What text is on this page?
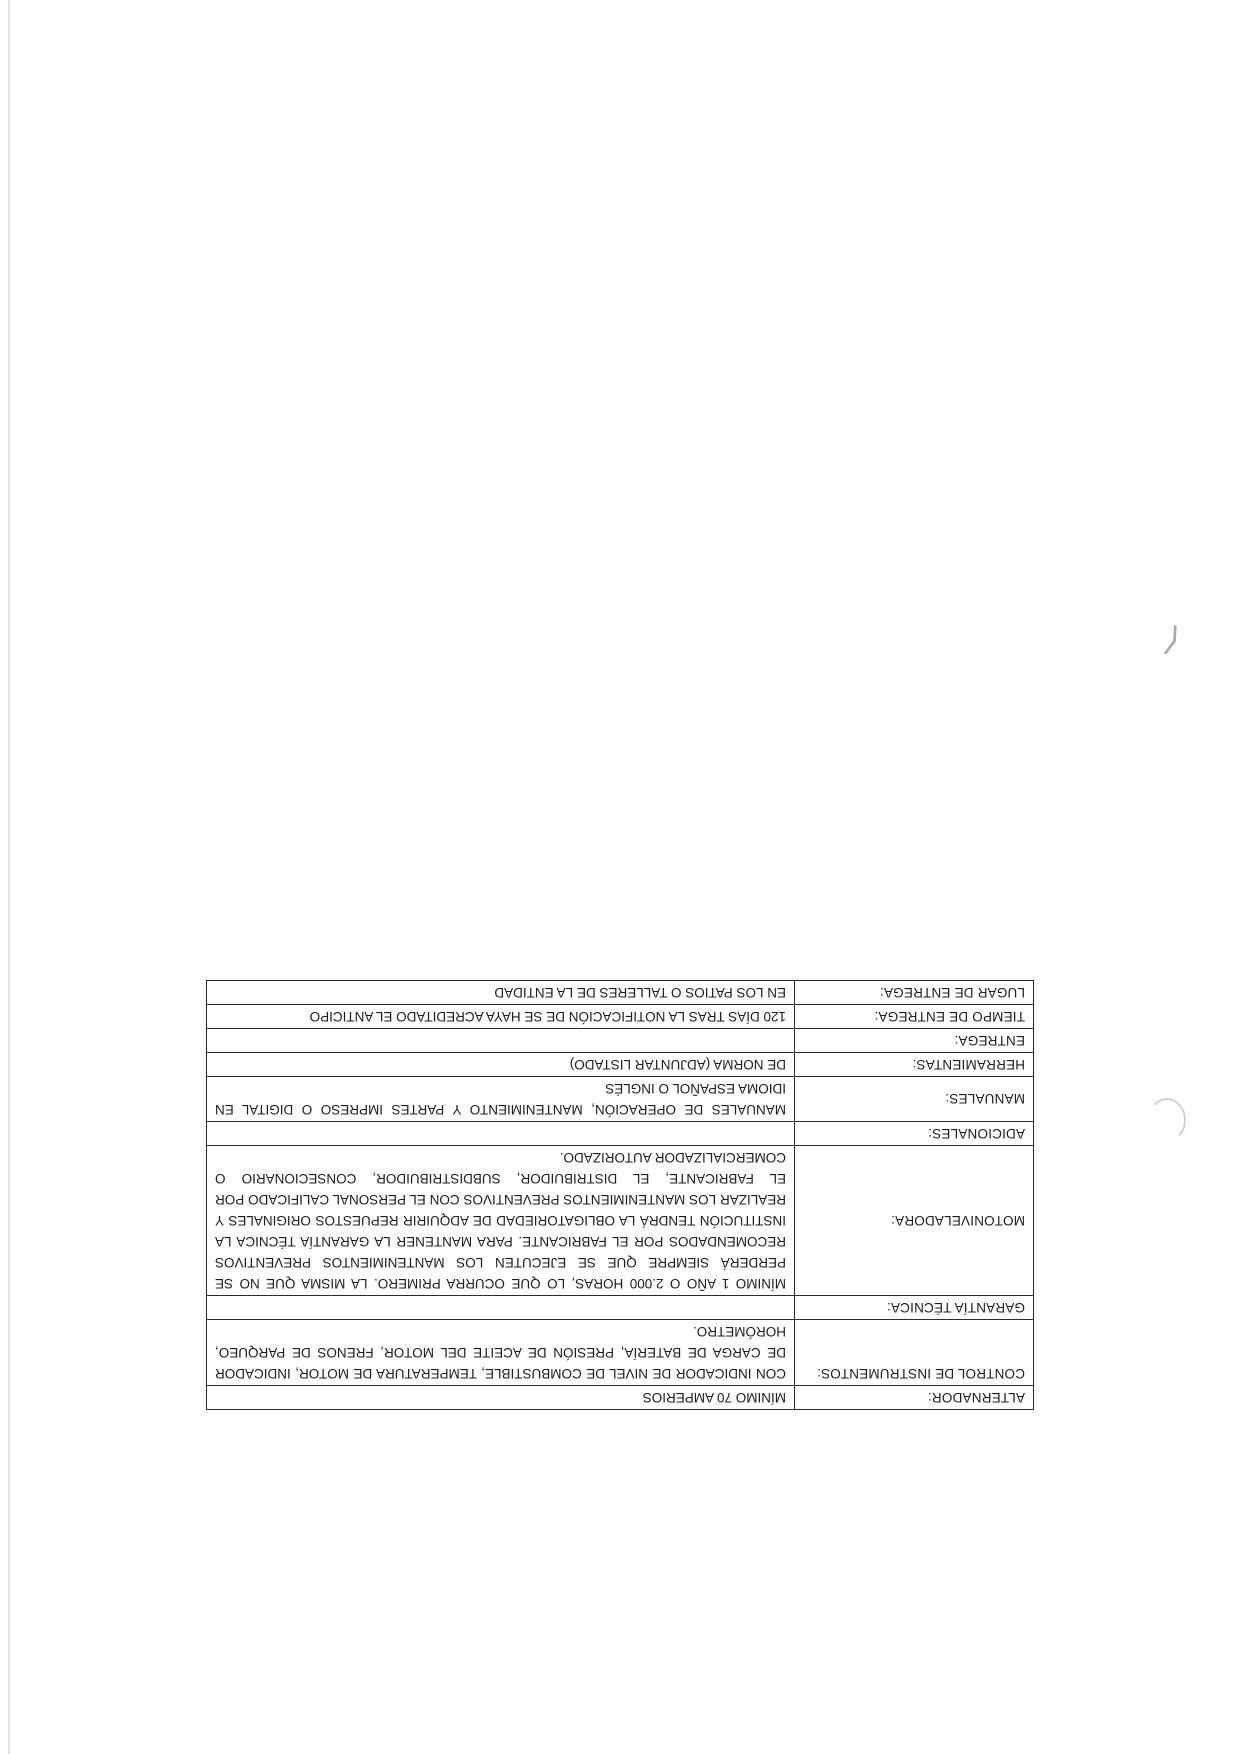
⟩
ALTERNADOR:	MÍNIMO 70 AMPERIOS
CONTROL DE INSTRUMENTOS:	CON INDICADOR DE NIVEL DE COMBUSTIBLE, TEMPERATURA DE MOTOR, INDICADOR DE CARGA DE BATERÍA, PRESIÓN DE ACEITE DEL MOTOR, FRENOS DE PARQUEO, HORÓMETRO.
GARANTÍA TÉCNICA:	
MOTONIVELADORA:	MÍNIMO 1 AÑO O 2.000 HORAS, LO QUE OCURRA PRIMERO. LA MISMA QUE NO SE PERDERÁ SIEMPRE QUE SE EJECUTEN LOS MANTENIMIENTOS PREVENTIVOS RECOMENDADOS POR EL FABRICANTE. PARA MANTENER LA GARANTÍA TÉCNICA LA INSTITUCIÓN TENDRÁ LA OBLIGATORIEDAD DE ADQUIRIR REPUESTOS ORIGINALES Y REALIZAR LOS MANTENIMIENTOS PREVENTIVOS CON EL PERSONAL CALIFICADO POR EL FABRICANTE, EL DISTRIBUIDOR, SUBDISTRIBUIDOR, CONSECIONARIO O COMERCIALIZADOR AUTORIZADO.
ADICIONALES:	
MANUALES:	MANUALES DE OPERACIÓN, MANTENIMIENTO Y PARTES IMPRESO O DIGITAL EN IDIOMA ESPAÑOL O INGLÉS
HERRAMIENTAS:	DE NORMA (ADJUNTAR LISTADO)
ENTREGA:	
TIEMPO DE ENTREGA:	120 DÍAS TRAS LA NOTIFICACIÓN DE SE HAYA ACREDITADO EL ANTICIPO
LUGAR DE ENTREGA:	EN LOS PATIOS O TALLERES DE LA ENTIDAD
